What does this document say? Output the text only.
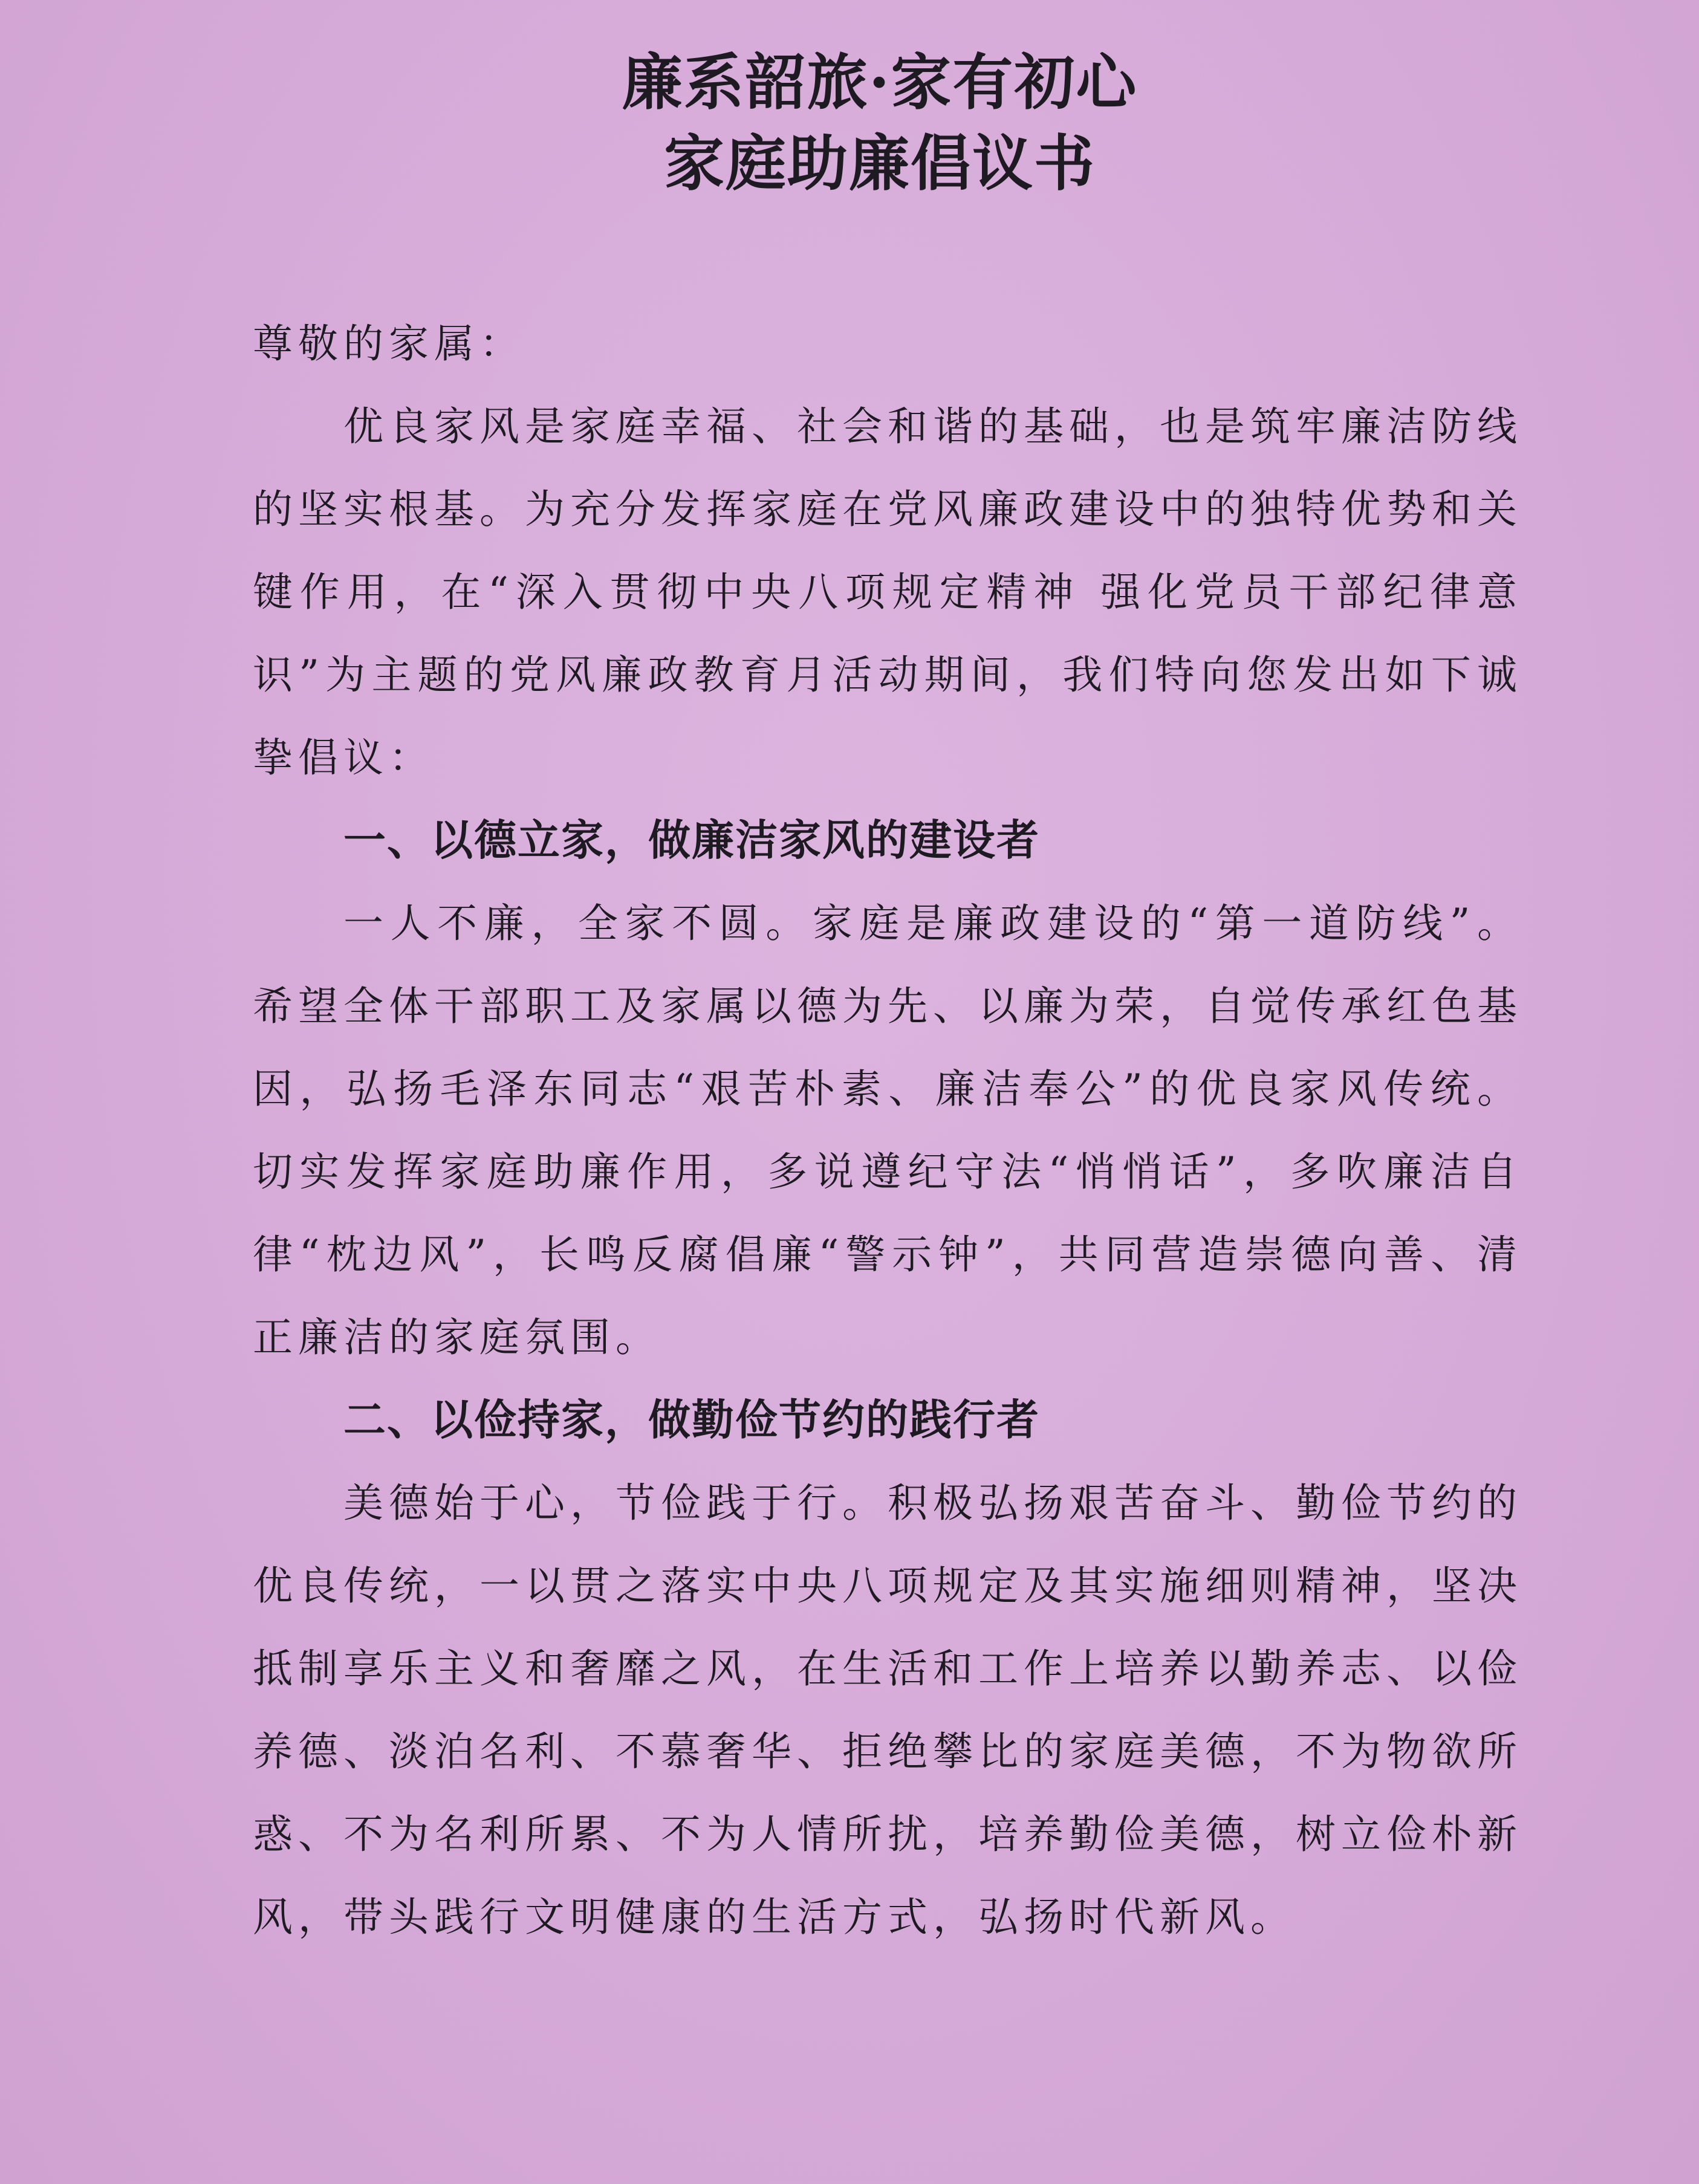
廉系韶旅·家有初心
家庭助廉倡议书

尊敬的家属：

优良家风是家庭幸福、社会和谐的基础，也是筑牢廉洁防线的坚实根基。为充分发挥家庭在党风廉政建设中的独特优势和关键作用，在“深入贯彻中央八项规定精神 强化党员干部纪律意识”为主题的党风廉政教育月活动期间，我们特向您发出如下诚挚倡议：

一、以德立家，做廉洁家风的建设者

一人不廉，全家不圆。家庭是廉政建设的“第一道防线”。希望全体干部职工及家属以德为先、以廉为荣，自觉传承红色基因，弘扬毛泽东同志“艰苦朴素、廉洁奉公”的优良家风传统。切实发挥家庭助廉作用，多说遵纪守法“悄悄话”，多吹廉洁自律“枕边风”，长鸣反腐倡廉“警示钟”，共同营造崇德向善、清正廉洁的家庭氛围。

二、以俭持家，做勤俭节约的践行者

美德始于心，节俭践于行。积极弘扬艰苦奋斗、勤俭节约的优良传统，一以贯之落实中央八项规定及其实施细则精神，坚决抵制享乐主义和奢靡之风，在生活和工作上培养以勤养志、以俭养德、淡泊名利、不慕奢华、拒绝攀比的家庭美德，不为物欲所惑、不为名利所累、不为人情所扰，培养勤俭美德，树立俭朴新风，带头践行文明健康的生活方式，弘扬时代新风。
